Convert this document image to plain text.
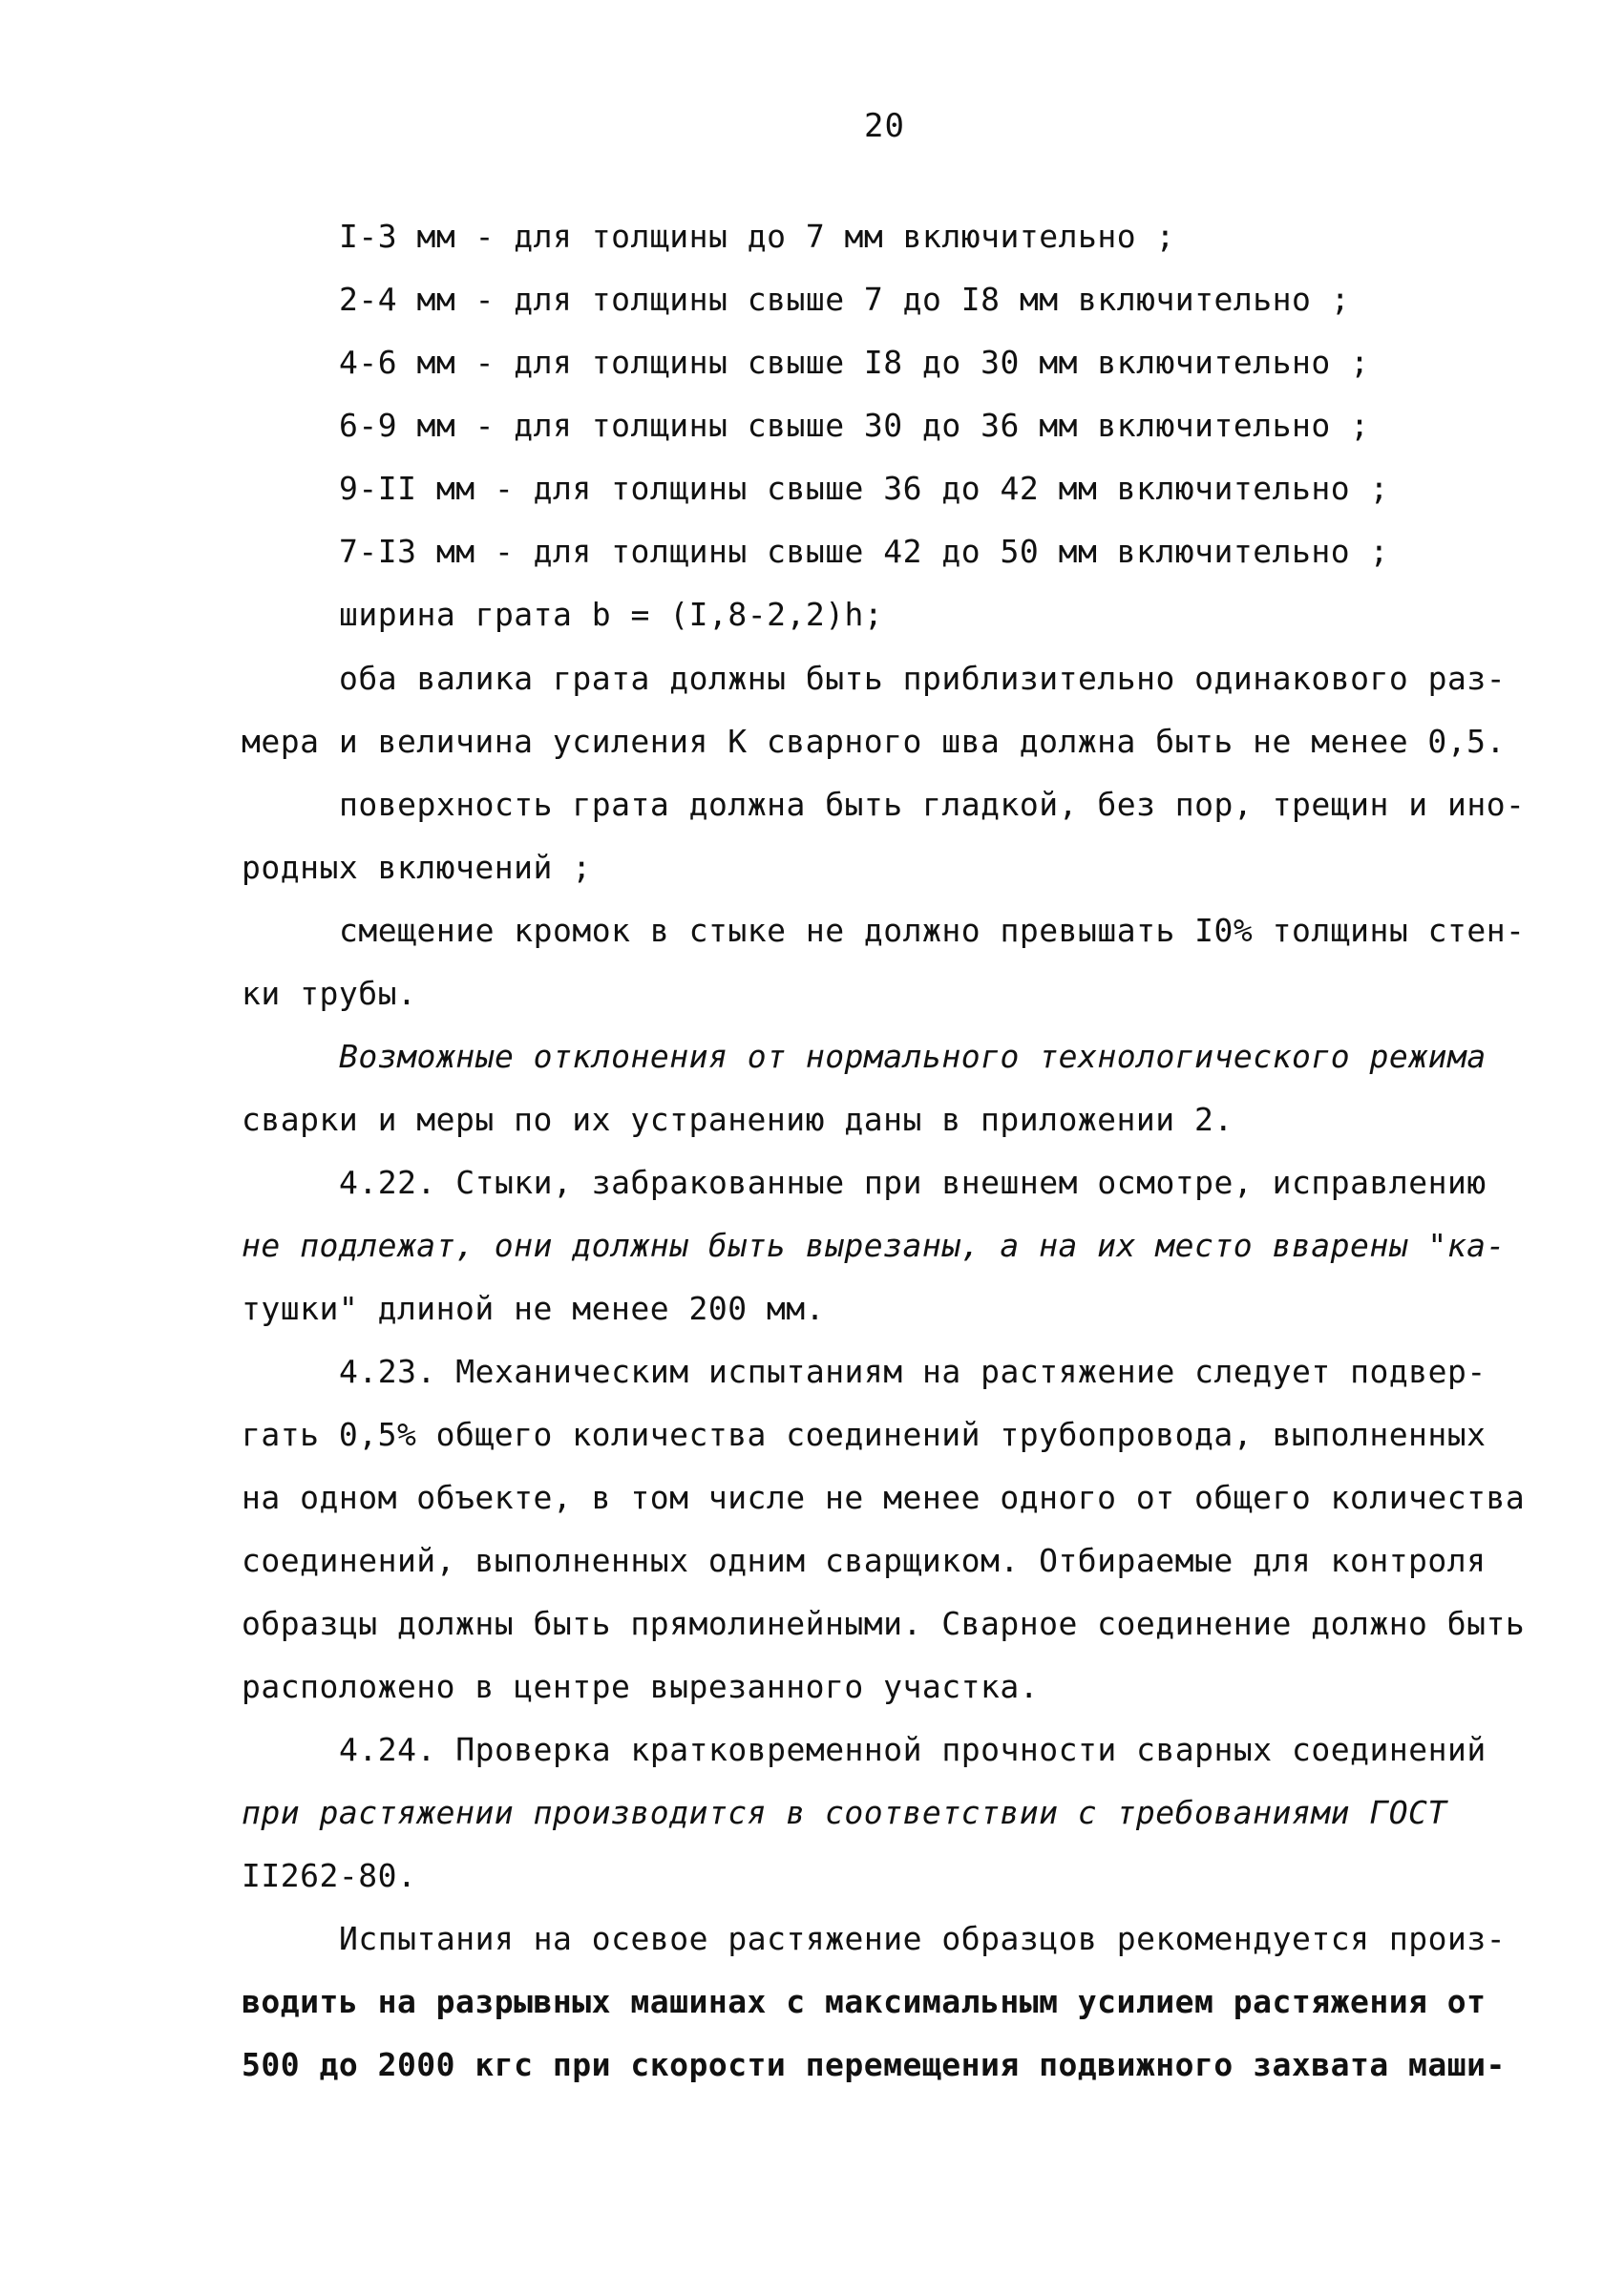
20
I-3 мм - для толщины до 7 мм включительно ;
2-4 мм - для толщины свыше 7 до I8 мм включительно ;
4-6 мм - для толщины свыше I8 до 30 мм включительно ;
6-9 мм - для толщины свыше 30 до 36 мм включительно ;
9-II мм - для толщины свыше 36 до 42 мм включительно ;
7-I3 мм - для толщины свыше 42 до 50 мм включительно ;
ширина грата b = (I,8-2,2)h;
оба валика грата должны быть приблизительно одинакового раз-
мера и величина усиления К сварного шва должна быть не менее 0,5.
поверхность грата должна быть гладкой, без пор, трещин и ино-
родных включений ;
смещение кромок в стыке не должно превышать I0% толщины стен-
ки трубы.
Возможные отклонения от нормального технологического режима
сварки и меры по их устранению даны в приложении 2.
4.22. Стыки, забракованные при внешнем осмотре, исправлению
не подлежат, они должны быть вырезаны, а на их место вварены "ка-
тушки" длиной не менее 200 мм.
4.23. Механическим испытаниям на растяжение следует подвер-
гать 0,5% общего количества соединений трубопровода, выполненных
на одном объекте, в том числе не менее одного от общего количества
соединений, выполненных одним сварщиком. Отбираемые для контроля
образцы должны быть прямолинейными. Сварное соединение должно быть
расположено в центре вырезанного участка.
4.24. Проверка кратковременной прочности сварных соединений
при растяжении производится в соответствии с требованиями ГОСТ
II262-80.
Испытания на осевое растяжение образцов рекомендуется произ-
водить на разрывных машинах с максимальным усилием растяжения от
500 до 2000 кгс при скорости перемещения подвижного захвата маши-
